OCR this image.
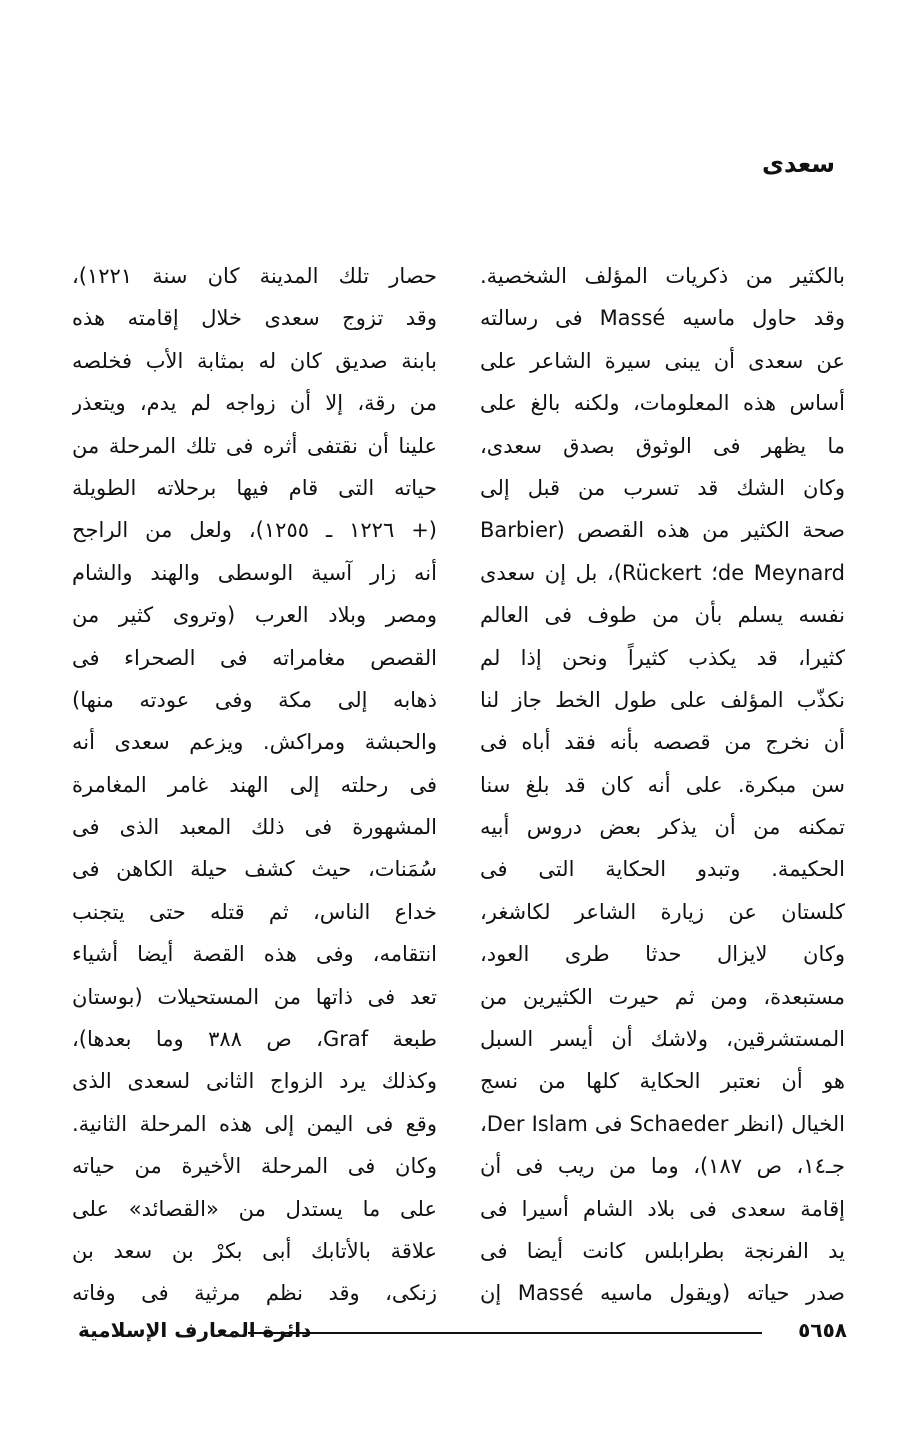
سعدى
بالكثير من ذكريات المؤلف الشخصية.
وقد حاول ماسيه Massé فى رسالته
عن سعدى أن يبنى سيرة الشاعر على
أساس هذه المعلومات، ولكنه بالغ على
ما يظهر فى الوثوق بصدق سعدى،
وكان الشك قد تسرب من قبل إلى
صحة الكثير من هذه القصص (Barbier
de Meynard؛ Rückert)، بل إن سعدى
نفسه يسلم بأن من طوف فى العالم
كثيرا، قد يكذب كثيراً ونحن إذا لم
نكذّب المؤلف على طول الخط جاز لنا
أن نخرج من قصصه بأنه فقد أباه فى
سن مبكرة. على أنه كان قد بلغ سنا
تمكنه من أن يذكر بعض دروس أبيه
الحكيمة. وتبدو الحكاية التى فى
كلستان عن زيارة الشاعر لكاشغر،
وكان لايزال حدثا طرى العود،
مستبعدة، ومن ثم حيرت الكثيرين من
المستشرقين، ولاشك أن أيسر السبل
هو أن نعتبر الحكاية كلها من نسج
الخيال (انظر Schaeder فى Der Islam،
جـ١٤، ص ١٨٧)، وما من ريب فى أن
إقامة سعدى فى بلاد الشام أسيرا فى
يد الفرنجة بطرابلس كانت أيضا فى
صدر حياته (ويقول ماسيه Massé إن
حصار تلك المدينة كان سنة ١٢٢١)،
وقد تزوج سعدى خلال إقامته هذه
بابنة صديق كان له بمثابة الأب فخلصه
من رقة، إلا أن زواجه لم يدم، ويتعذر
علينا أن نقتفى أثره فى تلك المرحلة من
حياته التى قام فيها برحلاته الطويلة
(+ ١٢٢٦ ـ ١٢٥٥)، ولعل من الراجح
أنه زار آسية الوسطى والهند والشام
ومصر وبلاد العرب (وتروى كثير من
القصص مغامراته فى الصحراء فى
ذهابه إلى مكة وفى عودته منها)
والحبشة ومراكش. ويزعم سعدى أنه
فى رحلته إلى الهند غامر المغامرة
المشهورة فى ذلك المعبد الذى فى
سُمَنات، حيث كشف حيلة الكاهن فى
خداع الناس، ثم قتله حتى يتجنب
انتقامه، وفى هذه القصة أيضا أشياء
تعد فى ذاتها من المستحيلات (بوستان
طبعة Graf، ص ٣٨٨ وما بعدها)،
وكذلك يرد الزواج الثانى لسعدى الذى
وقع فى اليمن إلى هذه المرحلة الثانية.
وكان فى المرحلة الأخيرة من حياته
على ما يستدل من «القصائد» على
علاقة بالأتابك أبى بكرْ بن سعد بن
زنكى، وقد نظم مرثية فى وفاته
٥٦٥٨
دائرة المعارف الإسلامية
